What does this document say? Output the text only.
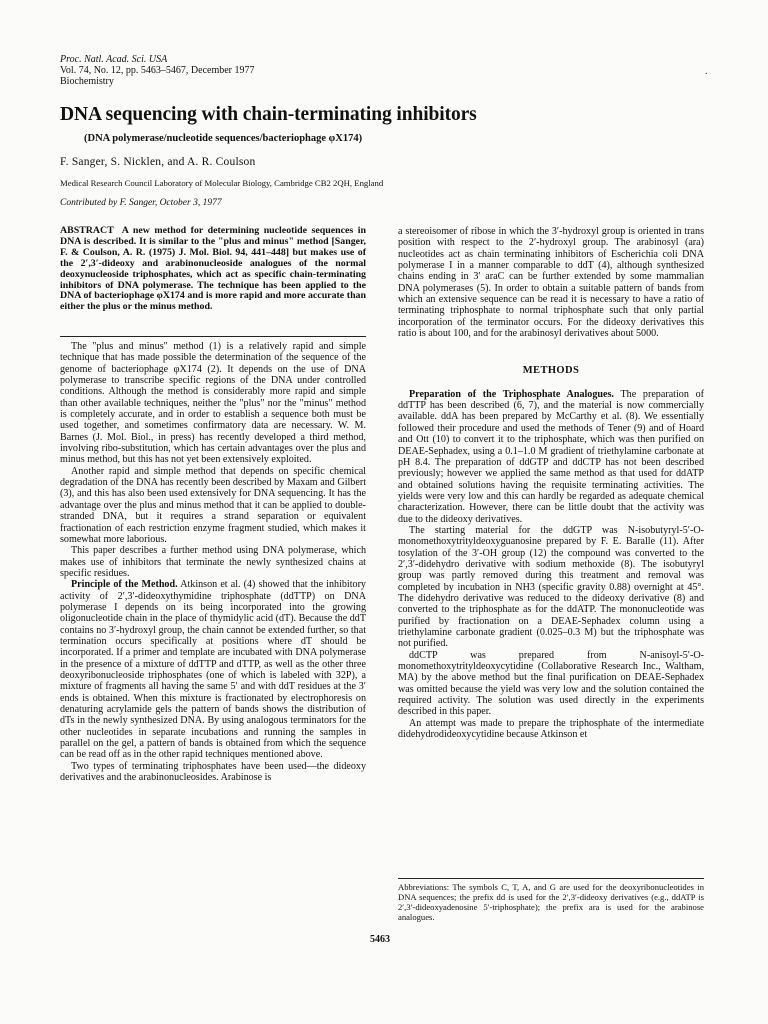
Proc. Natl. Acad. Sci. USA
Vol. 74, No. 12, pp. 5463–5467, December 1977
Biochemistry
.
DNA sequencing with chain-terminating inhibitors
(DNA polymerase/nucleotide sequences/bacteriophage φX174)
F. Sanger, S. Nicklen, and A. R. Coulson
Medical Research Council Laboratory of Molecular Biology, Cambridge CB2 2QH, England
Contributed by F. Sanger, October 3, 1977

ABSTRACT A new method for determining nucleotide sequences in DNA is described. It is similar to the "plus and minus" method [Sanger, F. & Coulson, A. R. (1975) J. Mol. Biol. 94, 441–448] but makes use of the 2′,3′-dideoxy and arabinonucleoside analogues of the normal deoxynucleoside triphosphates, which act as specific chain-terminating inhibitors of DNA polymerase. The technique has been applied to the DNA of bacteriophage φX174 and is more rapid and more accurate than either the plus or the minus method.

The "plus and minus" method (1) is a relatively rapid and simple technique that has made possible the determination of the sequence of the genome of bacteriophage φX174 (2). It depends on the use of DNA polymerase to transcribe specific regions of the DNA under controlled conditions. Although the method is considerably more rapid and simple than other available techniques, neither the "plus" nor the "minus" method is completely accurate, and in order to establish a sequence both must be used together, and sometimes confirmatory data are necessary. W. M. Barnes (J. Mol. Biol., in press) has recently developed a third method, involving ribo-substitution, which has certain advantages over the plus and minus method, but this has not yet been extensively exploited.

Another rapid and simple method that depends on specific chemical degradation of the DNA has recently been described by Maxam and Gilbert (3), and this has also been used extensively for DNA sequencing. It has the advantage over the plus and minus method that it can be applied to double-stranded DNA, but it requires a strand separation or equivalent fractionation of each restriction enzyme fragment studied, which makes it somewhat more laborious.

This paper describes a further method using DNA polymerase, which makes use of inhibitors that terminate the newly synthesized chains at specific residues.

Principle of the Method. Atkinson et al. (4) showed that the inhibitory activity of 2′,3′-dideoxythymidine triphosphate (ddTTP) on DNA polymerase I depends on its being incorporated into the growing oligonucleotide chain in the place of thymidylic acid (dT). Because the ddT contains no 3′-hydroxyl group, the chain cannot be extended further, so that termination occurs specifically at positions where dT should be incorporated. If a primer and template are incubated with DNA polymerase in the presence of a mixture of ddTTP and dTTP, as well as the other three deoxyribonucleoside triphosphates (one of which is labeled with 32P), a mixture of fragments all having the same 5′ and with ddT residues at the 3′ ends is obtained. When this mixture is fractionated by electrophoresis on denaturing acrylamide gels the pattern of bands shows the distribution of dTs in the newly synthesized DNA. By using analogous terminators for the other nucleotides in separate incubations and running the samples in parallel on the gel, a pattern of bands is obtained from which the sequence can be read off as in the other rapid techniques mentioned above.

Two types of terminating triphosphates have been used—the dideoxy derivatives and the arabinonucleosides. Arabinose is

a stereoisomer of ribose in which the 3′-hydroxyl group is oriented in trans position with respect to the 2′-hydroxyl group. The arabinosyl (ara) nucleotides act as chain terminating inhibitors of Escherichia coli DNA polymerase I in a manner comparable to ddT (4), although synthesized chains ending in 3′ araC can be further extended by some mammalian DNA polymerases (5). In order to obtain a suitable pattern of bands from which an extensive sequence can be read it is necessary to have a ratio of terminating triphosphate to normal triphosphate such that only partial incorporation of the terminator occurs. For the dideoxy derivatives this ratio is about 100, and for the arabinosyl derivatives about 5000.

METHODS

Preparation of the Triphosphate Analogues. The preparation of ddTTP has been described (6, 7), and the material is now commercially available. ddA has been prepared by McCarthy et al. (8). We essentially followed their procedure and used the methods of Tener (9) and of Hoard and Ott (10) to convert it to the triphosphate, which was then purified on DEAE-Sephadex, using a 0.1–1.0 M gradient of triethylamine carbonate at pH 8.4. The preparation of ddGTP and ddCTP has not been described previously; however we applied the same method as that used for ddATP and obtained solutions having the requisite terminating activities. The yields were very low and this can hardly be regarded as adequate chemical characterization. However, there can be little doubt that the activity was due to the dideoxy derivatives.

The starting material for the ddGTP was N-isobutyryl-5′-O-monomethoxytrityldeoxyguanosine prepared by F. E. Baralle (11). After tosylation of the 3′-OH group (12) the compound was converted to the 2′,3′-didehydro derivative with sodium methoxide (8). The isobutyryl group was partly removed during this treatment and removal was completed by incubation in NH3 (specific gravity 0.88) overnight at 45°. The didehydro derivative was reduced to the dideoxy derivative (8) and converted to the triphosphate as for the ddATP. The mononucleotide was purified by fractionation on a DEAE-Sephadex column using a triethylamine carbonate gradient (0.025–0.3 M) but the triphosphate was not purified.

ddCTP was prepared from N-anisoyl-5′-O-monomethoxytrityldeoxycytidine (Collaborative Research Inc., Waltham, MA) by the above method but the final purification on DEAE-Sephadex was omitted because the yield was very low and the solution contained the required activity. The solution was used directly in the experiments described in this paper.

An attempt was made to prepare the triphosphate of the intermediate didehydrodideoxycytidine because Atkinson et

Abbreviations: The symbols C, T, A, and G are used for the deoxyribonucleotides in DNA sequences; the prefix dd is used for the 2′,3′-dideoxy derivatives (e.g., ddATP is 2′,3′-dideoxyadenosine 5′-triphosphate); the prefix ara is used for the arabinose analogues.
5463
